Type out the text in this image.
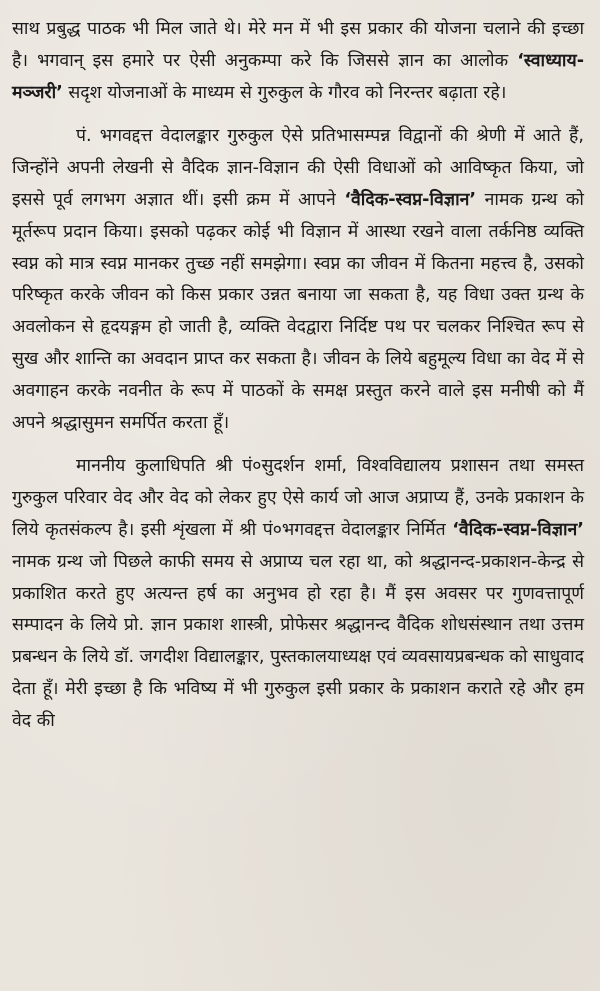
साथ प्रबुद्ध पाठक भी मिल जाते थे। मेरे मन में भी इस प्रकार की योजना चलाने की इच्छा है। भगवान् इस हमारे पर ऐसी अनुकम्पा करे कि जिससे ज्ञान का आलोक ‘स्वाध्याय-मञ्जरी’ सदृश योजनाओं के माध्यम से गुरुकुल के गौरव को निरन्तर बढ़ाता रहे।

पं. भगवद्दत्त वेदालङ्कार गुरुकुल ऐसे प्रतिभासम्पन्न विद्वानों की श्रेणी में आते हैं, जिन्होंने अपनी लेखनी से वैदिक ज्ञान-विज्ञान की ऐसी विधाओं को आविष्कृत किया, जो इससे पूर्व लगभग अज्ञात थीं। इसी क्रम में आपने ‘वैदिक-स्वप्न-विज्ञान’ नामक ग्रन्थ को मूर्तरूप प्रदान किया। इसको पढ़कर कोई भी विज्ञान में आस्था रखने वाला तर्कनिष्ठ व्यक्ति स्वप्न को मात्र स्वप्न मानकर तुच्छ नहीं समझेगा। स्वप्न का जीवन में कितना महत्त्व है, उसको परिष्कृत करके जीवन को किस प्रकार उन्नत बनाया जा सकता है, यह विधा उक्त ग्रन्थ के अवलोकन से हृदयङ्गम हो जाती है, व्यक्ति वेदद्वारा निर्दिष्ट पथ पर चलकर निश्चित रूप से सुख और शान्ति का अवदान प्राप्त कर सकता है। जीवन के लिये बहुमूल्य विधा का वेद में से अवगाहन करके नवनीत के रूप में पाठकों के समक्ष प्रस्तुत करने वाले इस मनीषी को मैं अपने श्रद्धासुमन समर्पित करता हूँ।

माननीय कुलाधिपति श्री पं०सुदर्शन शर्मा, विश्वविद्यालय प्रशासन तथा समस्त गुरुकुल परिवार वेद और वेद को लेकर हुए ऐसे कार्य जो आज अप्राप्य हैं, उनके प्रकाशन के लिये कृतसंकल्प है। इसी शृंखला में श्री पं०भगवद्दत्त वेदालङ्कार निर्मित ‘वैदिक-स्वप्न-विज्ञान’ नामक ग्रन्थ जो पिछले काफी समय से अप्राप्य चल रहा था, को श्रद्धानन्द-प्रकाशन-केन्द्र से प्रकाशित करते हुए अत्यन्त हर्ष का अनुभव हो रहा है। मैं इस अवसर पर गुणवत्तापूर्ण सम्पादन के लिये प्रो. ज्ञान प्रकाश शास्त्री, प्रोफेसर श्रद्धानन्द वैदिक शोधसंस्थान तथा उत्तम प्रबन्धन के लिये डॉ. जगदीश विद्यालङ्कार, पुस्तकालयाध्यक्ष एवं व्यवसायप्रबन्धक को साधुवाद देता हूँ। मेरी इच्छा है कि भविष्य में भी गुरुकुल इसी प्रकार के प्रकाशन कराते रहे और हम वेद की
